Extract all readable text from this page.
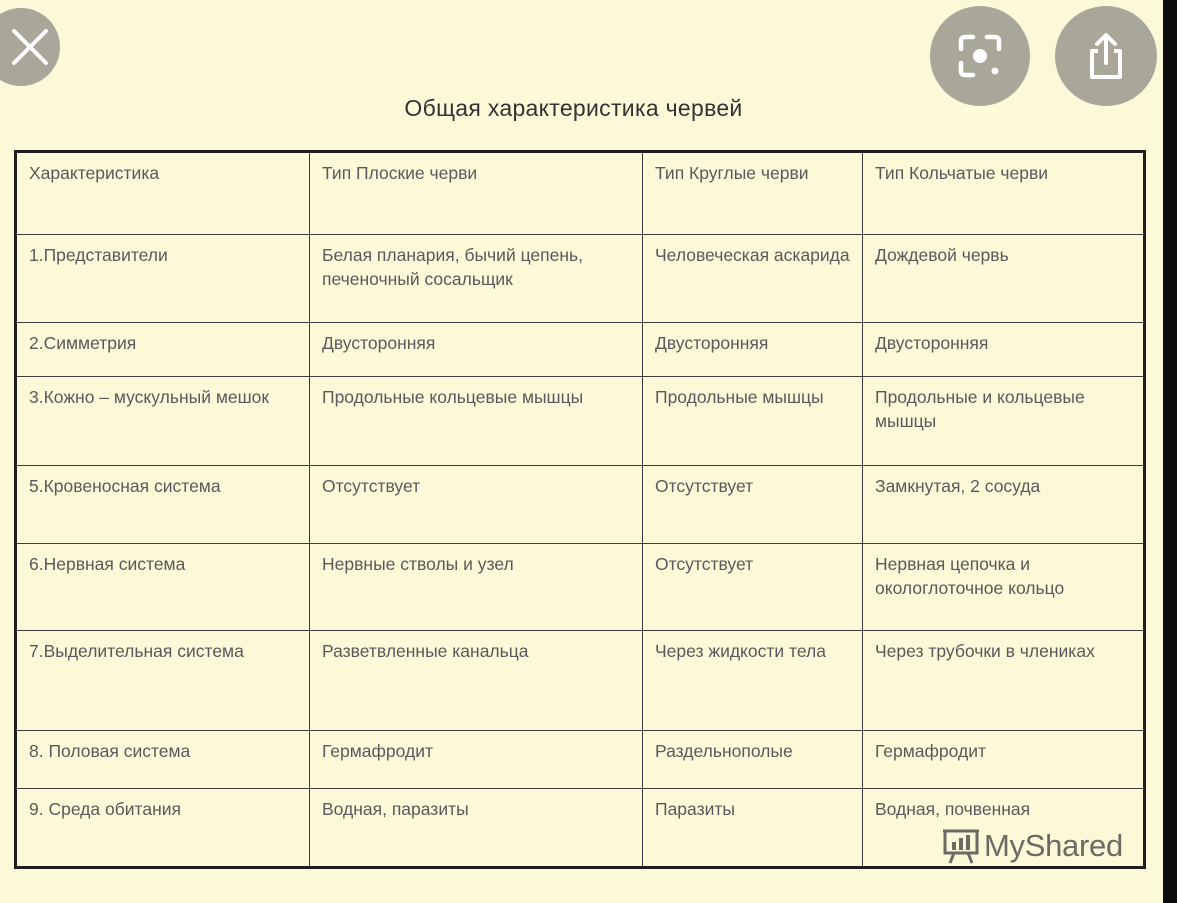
Общая характеристика червей
Характеристика	Тип Плоские черви	Тип Круглые черви	Тип Кольчатые черви
1.Представители	Белая планария, бычий цепень, печеночный сосальщик	Человеческая аскарида	Дождевой червь
2.Симметрия	Двусторонняя	Двусторонняя	Двусторонняя
3.Кожно – мускульный мешок	Продольные кольцевые мышцы	Продольные мышцы	Продольные и кольцевые мышцы
5.Кровеносная система	Отсутствует	Отсутствует	Замкнутая, 2 сосуда
6.Нервная система	Нервные стволы и узел	Отсутствует	Нервная цепочка и окологлоточное кольцо
7.Выделительная система	Разветвленные канальца	Через жидкости тела	Через трубочки в члениках
8. Половая система	Гермафродит	Раздельнополые	Гермафродит
9. Среда обитания	Водная, паразиты	Паразиты	Водная, почвенная
MyShared
